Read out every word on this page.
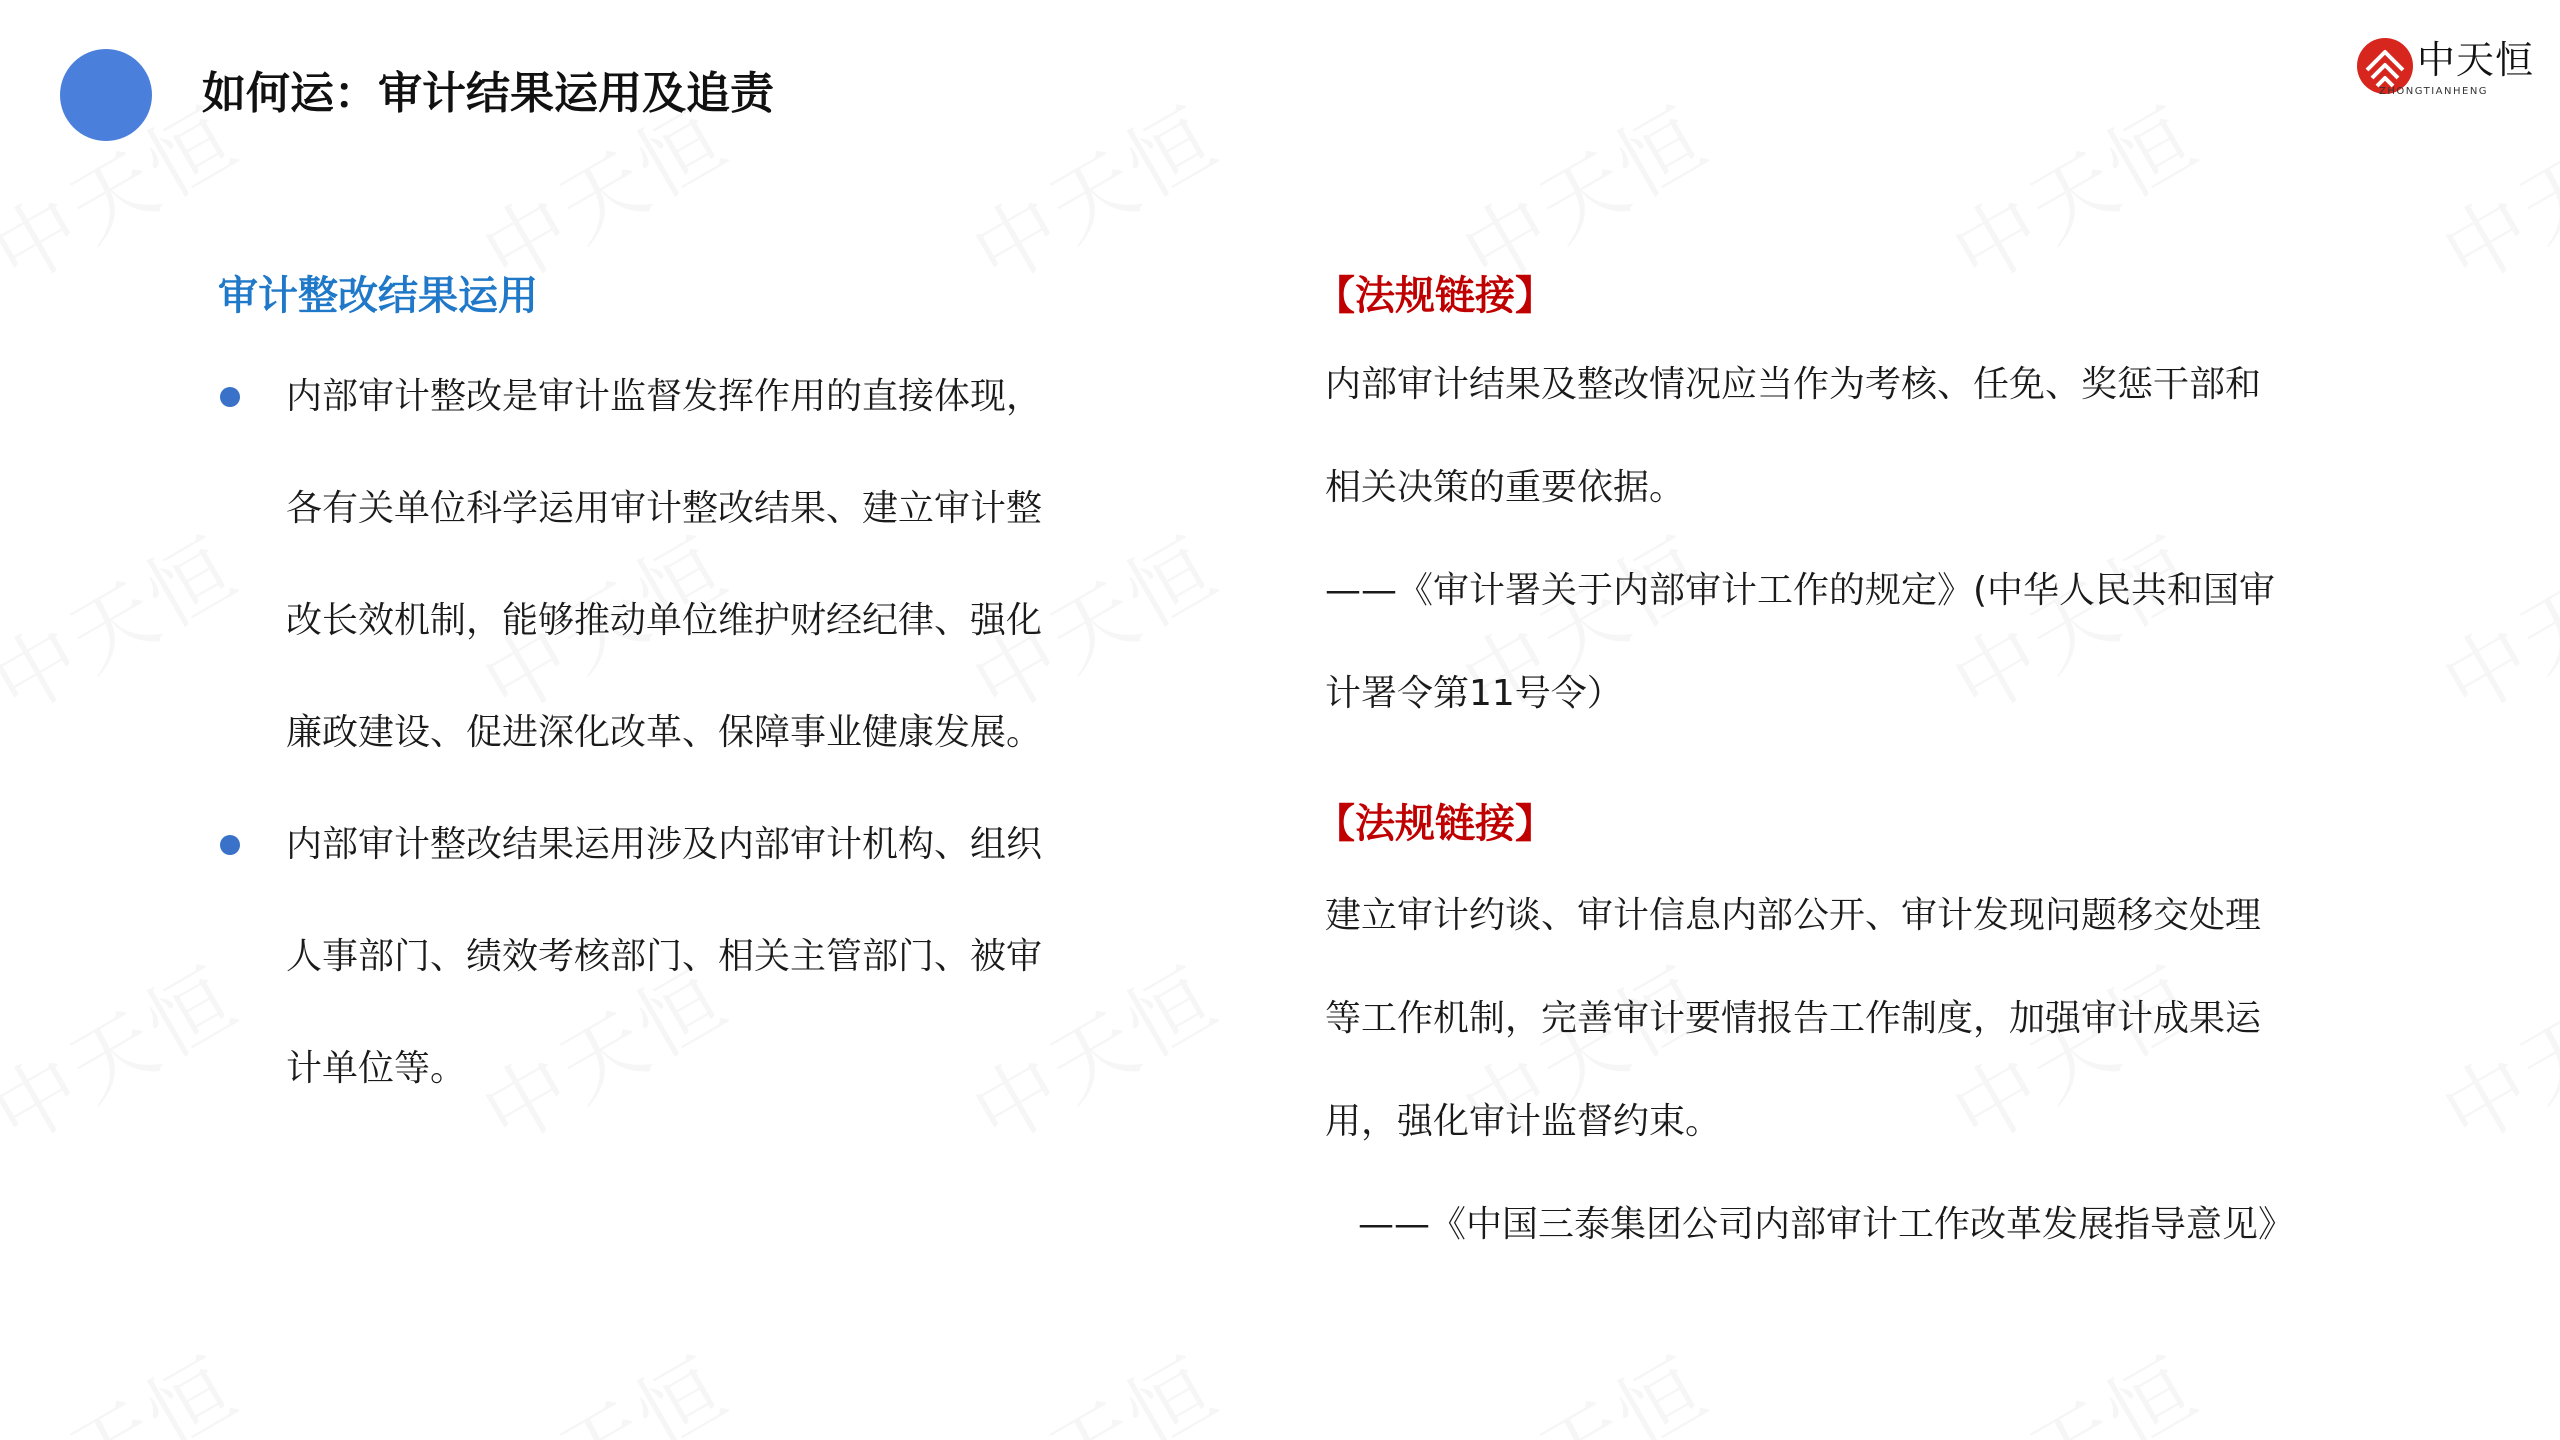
如何运：审计结果运用及追责
中天恒
ZHONGTIANHENG
审计整改结果运用
内部审计整改是审计监督发挥作用的直接体现，
各有关单位科学运用审计整改结果、建立审计整
改长效机制，能够推动单位维护财经纪律、强化
廉政建设、促进深化改革、保障事业健康发展。
内部审计整改结果运用涉及内部审计机构、组织
人事部门、绩效考核部门、相关主管部门、被审
计单位等。
【法规链接】
内部审计结果及整改情况应当作为考核、任免、奖惩干部和
相关决策的重要依据。
——《审计署关于内部审计工作的规定》(中华人民共和国审
计署令第11号令）
【法规链接】
建立审计约谈、审计信息内部公开、审计发现问题移交处理
等工作机制，完善审计要情报告工作制度，加强审计成果运
用，强化审计监督约束。
——《中国三泰集团公司内部审计工作改革发展指导意见》
